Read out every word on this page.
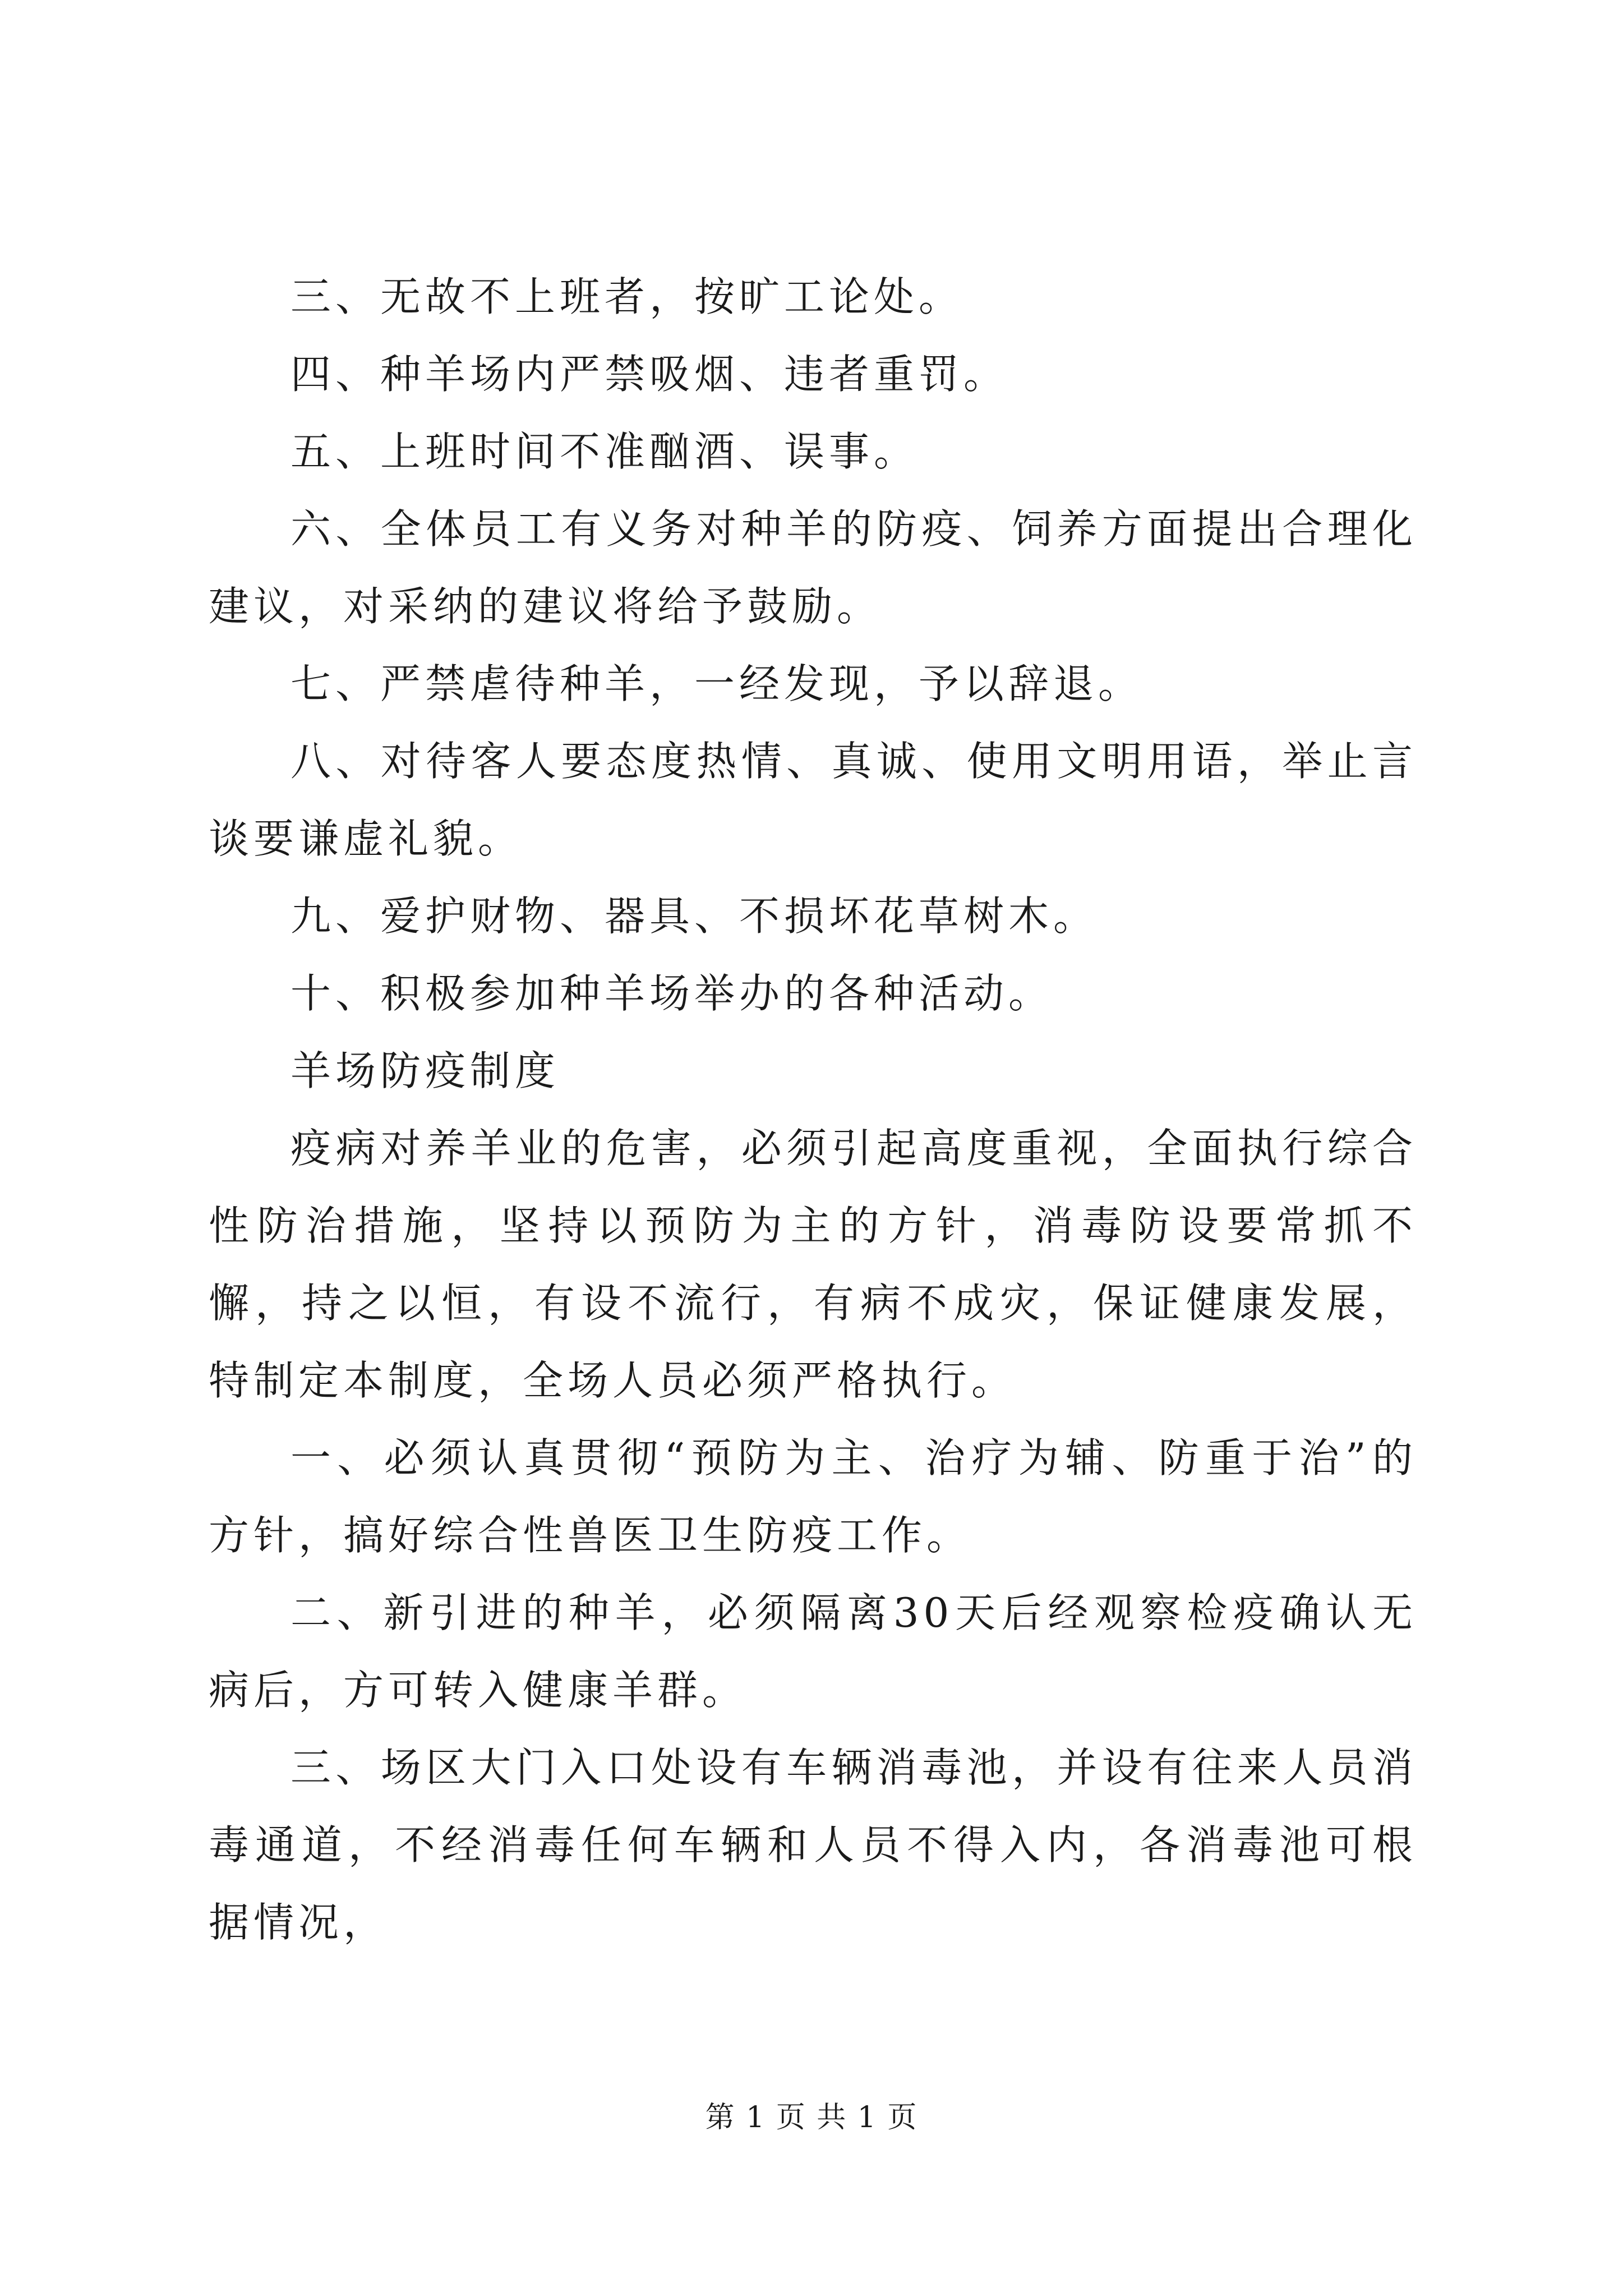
三、无故不上班者，按旷工论处。

四、种羊场内严禁吸烟、违者重罚。

五、上班时间不准酗酒、误事。

六、全体员工有义务对种羊的防疫、饲养方面提出合理化建议，对采纳的建议将给予鼓励。

七、严禁虐待种羊，一经发现，予以辞退。

八、对待客人要态度热情、真诚、使用文明用语，举止言谈要谦虚礼貌。

九、爱护财物、器具、不损坏花草树木。

十、积极参加种羊场举办的各种活动。

羊场防疫制度

疫病对养羊业的危害，必须引起高度重视，全面执行综合性防治措施，坚持以预防为主的方针，消毒防设要常抓不懈，持之以恒，有设不流行，有病不成灾，保证健康发展，特制定本制度，全场人员必须严格执行。

一、必须认真贯彻“预防为主、治疗为辅、防重于治”的方针，搞好综合性兽医卫生防疫工作。

二、新引进的种羊，必须隔离30天后经观察检疫确认无病后，方可转入健康羊群。

三、场区大门入口处设有车辆消毒池，并设有往来人员消毒通道，不经消毒任何车辆和人员不得入内，各消毒池可根据情况，

第 1 页 共 1 页
